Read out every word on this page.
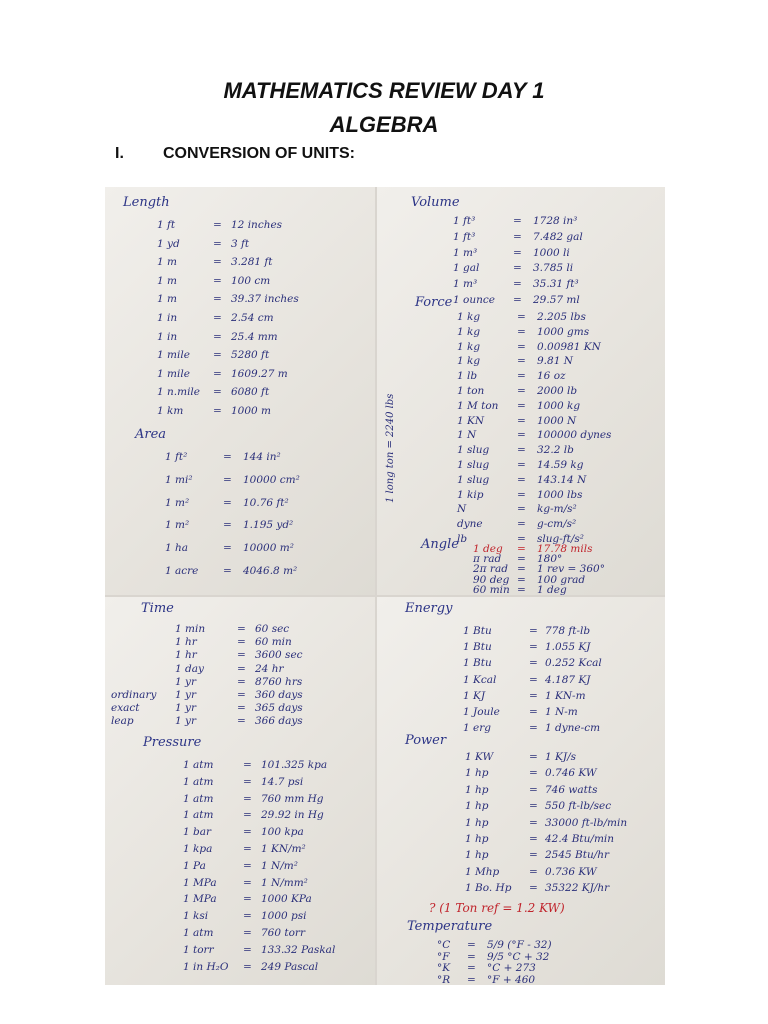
MATHEMATICS REVIEW DAY 1
ALGEBRA
I. CONVERSION OF UNITS:
Length
1 ft	= 12 inches
1 yd	= 3 ft
1 m	= 3.281 ft
1 m	= 100 cm
1 m	= 39.37 inches
1 in	= 2.54 cm
1 in	= 25.4 mm
1 mile = 5280 ft
1 mile = 1609.27 m
1 n.mile = 6080 ft
1 km	= 1000 m
Area
1 ft²	= 144 in²
1 mi²	= 10000 cm²
1 m²	= 10.76 ft²
1 m²	= 1.195 yd²
1 ha	= 10000 m²
1 acre = 4046.8 m²
Volume
1 ft³	= 1728 in³
1 ft³	= 7.482 gal
1 m³	= 1000 li
1 gal	= 3.785 li
1 m³	= 35.31 ft³
1 ounce = 29.57 ml
Force
1 kg	= 2.205 lbs
1 kg	= 1000 gms
1 kg	= 0.00981 KN
1 kg	= 9.81 N
1 lb	= 16 oz
1 ton	= 2000 lb
1 M ton = 1000 kg
1 KN	= 1000 N
1 N	= 100000 dynes
1 slug	= 32.2 lb
1 slug	= 14.59 kg
1 slug	= 143.14 N
1 kip	= 1000 lbs
N	= kg-m/s²
dyne	= g-cm/s²
lb	= slug-ft/s²
Angle 1 deg = 17.78 mils
π rad = 180°
2π rad = 1 rev = 360°
90 deg = 100 grad
60 min = 1 deg
1 long ton = 2240 lbs
Time
1 min	= 60 sec
1 hr	= 60 min
1 hr	= 3600 sec
1 day	= 24 hr
1 yr	= 8760 hrs
ordinary 1 yr	= 360 days
exact	1 yr	= 365 days
leap	1 yr	= 366 days
Pressure
1 atm	= 101.325 kpa
1 atm	= 14.7 psi
1 atm	= 760 mm Hg
1 atm	= 29.92 in Hg
1 bar	= 100 kpa
1 kpa	= 1 KN/m²
1 Pa	= 1 N/m²
1 MPa	= 1 N/mm²
1 MPa	= 1000 KPa
1 ksi	= 1000 psi
1 atm	= 760 torr
1 torr	= 133.32 Paskal
1 in H₂O = 249 Pascal
Energy
1 Btu	= 778 ft-lb
1 Btu	= 1.055 KJ
1 Btu	= 0.252 Kcal
1 Kcal	= 4.187 KJ
1 KJ	= 1 KN-m
1 Joule	= 1 N-m
1 erg	= 1 dyne-cm
Power
1 KW	= 1 KJ/s
1 hp	= 0.746 KW
1 hp	= 746 watts
1 hp	= 550 ft-lb/sec
1 hp	= 33000 ft-lb/min
1 hp	= 42.4 Btu/min
1 hp	= 2545 Btu/hr
1 Mhp	= 0.736 KW
1 Bo. Hp = 35322 KJ/hr
? (1 Ton ref = 1.2 KW)
Temperature
°C = 5/9 (°F - 32)
°F = 9/5 °C + 32
°K = °C + 273
°R = °F + 460
